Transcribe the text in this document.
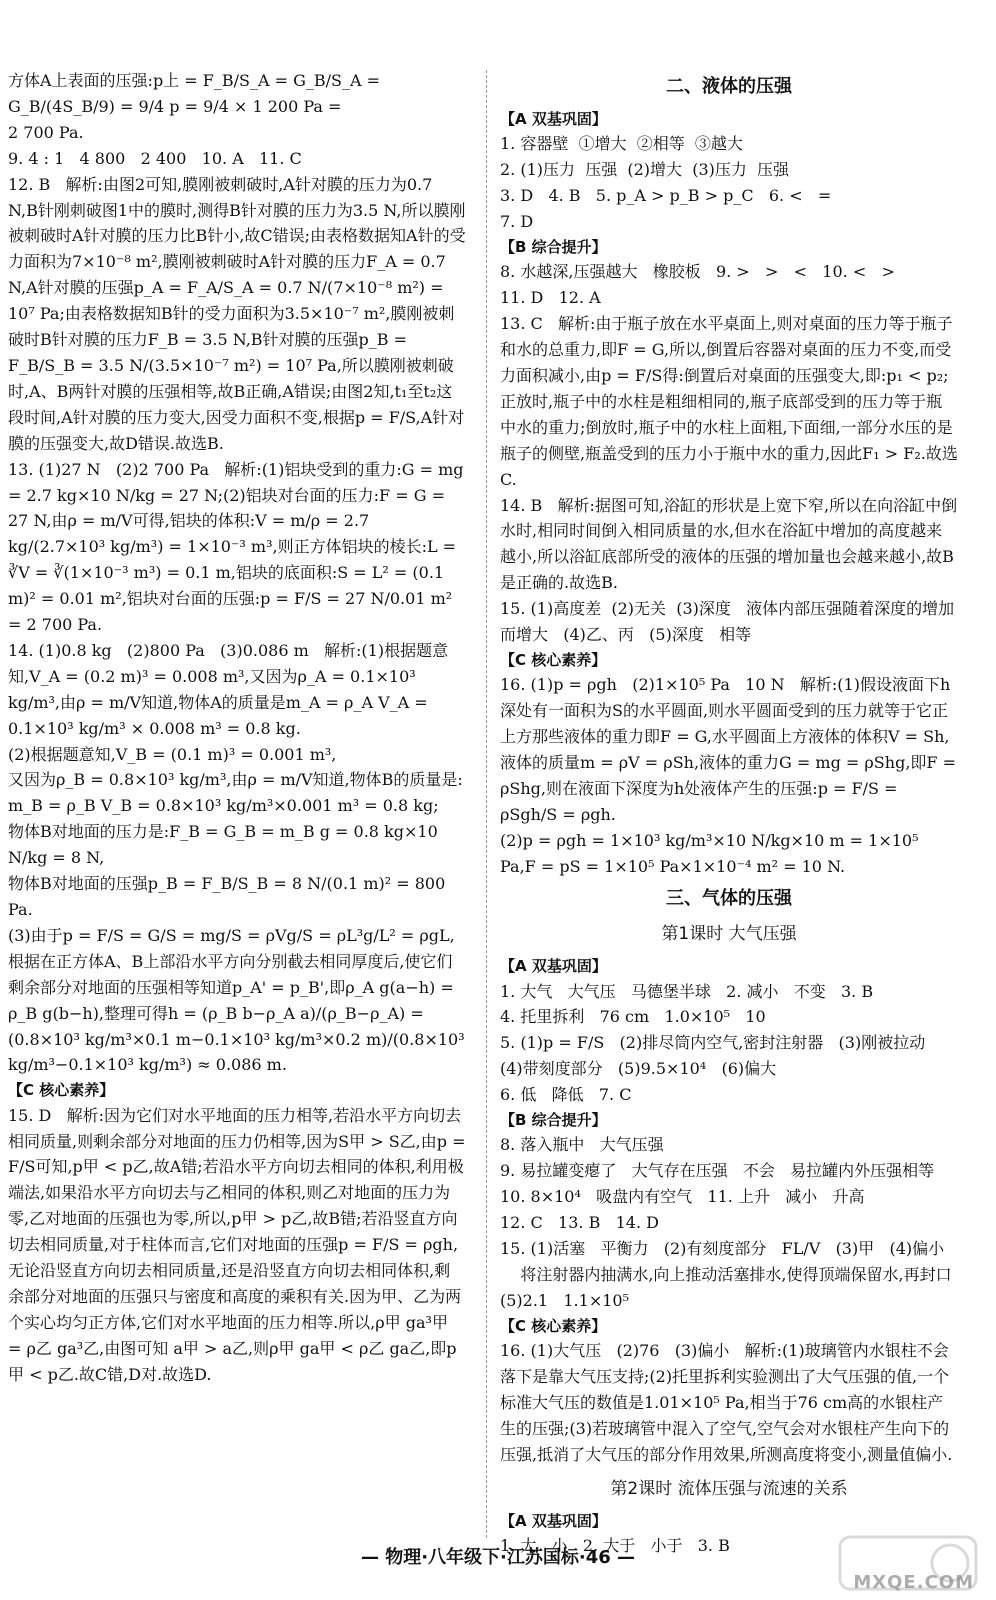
方体A上表面的压强:p上 = F_B/S_A = G_B/S_A = G_B/(4S_B/9) = 9/4 p = 9/4 × 1 200 Pa =

2 700 Pa.

9. 4 : 1   4 800   2 400   10. A   11. C

12. B   解析:由图2可知,膜刚被刺破时,A针对膜的压力为0.7 N,B针刚刺破图1中的膜时,测得B针对膜的压力为3.5 N,所以膜刚被刺破时A针对膜的压力比B针小,故C错误;由表格数据知A针的受力面积为7×10⁻⁸ m²,膜刚被刺破时A针对膜的压力F_A = 0.7 N,A针对膜的压强p_A = F_A/S_A = 0.7 N/(7×10⁻⁸ m²) = 10⁷ Pa;由表格数据知B针的受力面积为3.5×10⁻⁷ m²,膜刚被刺破时B针对膜的压力F_B = 3.5 N,B针对膜的压强p_B = F_B/S_B = 3.5 N/(3.5×10⁻⁷ m²) = 10⁷ Pa,所以膜刚被刺破时,A、B两针对膜的压强相等,故B正确,A错误;由图2知,t₁至t₂这段时间,A针对膜的压力变大,因受力面积不变,根据p = F/S,A针对膜的压强变大,故D错误.故选B.

13. (1)27 N   (2)2 700 Pa   解析:(1)铝块受到的重力:G = mg = 2.7 kg×10 N/kg = 27 N;(2)铝块对台面的压力:F = G = 27 N,由ρ = m/V可得,铝块的体积:V = m/ρ = 2.7 kg/(2.7×10³ kg/m³) = 1×10⁻³ m³,则正方体铝块的棱长:L = ∛V = ∛(1×10⁻³ m³) = 0.1 m,铝块的底面积:S = L² = (0.1 m)² = 0.01 m²,铝块对台面的压强:p = F/S = 27 N/0.01 m² = 2 700 Pa.

14. (1)0.8 kg   (2)800 Pa   (3)0.086 m   解析:(1)根据题意知,V_A = (0.2 m)³ = 0.008 m³,又因为ρ_A = 0.1×10³ kg/m³,由ρ = m/V知道,物体A的质量是m_A = ρ_A V_A = 0.1×10³ kg/m³ × 0.008 m³ = 0.8 kg.

(2)根据题意知,V_B = (0.1 m)³ = 0.001 m³,

又因为ρ_B = 0.8×10³ kg/m³,由ρ = m/V知道,物体B的质量是:

m_B = ρ_B V_B = 0.8×10³ kg/m³×0.001 m³ = 0.8 kg;

物体B对地面的压力是:F_B = G_B = m_B g = 0.8 kg×10 N/kg = 8 N,

物体B对地面的压强p_B = F_B/S_B = 8 N/(0.1 m)² = 800 Pa.

(3)由于p = F/S = G/S = mg/S = ρVg/S = ρL³g/L² = ρgL,根据在正方体A、B上部沿水平方向分别截去相同厚度后,使它们剩余部分对地面的压强相等知道p_A' = p_B',即ρ_A g(a−h) = ρ_B g(b−h),整理可得h = (ρ_B b−ρ_A a)/(ρ_B−ρ_A) = (0.8×10³ kg/m³×0.1 m−0.1×10³ kg/m³×0.2 m)/(0.8×10³ kg/m³−0.1×10³ kg/m³) ≈ 0.086 m.

【C 核心素养】

15. D   解析:因为它们对水平地面的压力相等,若沿水平方向切去相同质量,则剩余部分对地面的压力仍相等,因为S甲 > S乙,由p = F/S可知,p甲 < p乙,故A错;若沿水平方向切去相同的体积,利用极端法,如果沿水平方向切去与乙相同的体积,则乙对地面的压力为零,乙对地面的压强也为零,所以,p甲 > p乙,故B错;若沿竖直方向切去相同质量,对于柱体而言,它们对地面的压强p = F/S = ρgh,无论沿竖直方向切去相同质量,还是沿竖直方向切去相同体积,剩余部分对地面的压强只与密度和高度的乘积有关.因为甲、乙为两个实心均匀正方体,它们对水平地面的压力相等.所以,ρ甲 ga³甲 = ρ乙 ga³乙,由图可知 a甲 > a乙,则ρ甲 ga甲 < ρ乙 ga乙,即p甲 < p乙.故C错,D对.故选D.

二、液体的压强

【A 双基巩固】

1. 容器壁  ①增大  ②相等  ③越大

2. (1)压力  压强  (2)增大  (3)压力  压强

3. D   4. B   5. p_A > p_B > p_C   6. <   =

7. D

【B 综合提升】

8. 水越深,压强越大   橡胶板   9. >   >   <   10. <   >

11. D   12. A

13. C   解析:由于瓶子放在水平桌面上,则对桌面的压力等于瓶子和水的总重力,即F = G,所以,倒置后容器对桌面的压力不变,而受力面积减小,由p = F/S得:倒置后对桌面的压强变大,即:p₁ < p₂;正放时,瓶子中的水柱是粗细相同的,瓶子底部受到的压力等于瓶中水的重力;倒放时,瓶子中的水柱上面粗,下面细,一部分水压的是瓶子的侧壁,瓶盖受到的压力小于瓶中水的重力,因此F₁ > F₂.故选C.

14. B   解析:据图可知,浴缸的形状是上宽下窄,所以在向浴缸中倒水时,相同时间倒入相同质量的水,但水在浴缸中增加的高度越来越小,所以浴缸底部所受的液体的压强的增加量也会越来越小,故B是正确的.故选B.

15. (1)高度差  (2)无关  (3)深度   液体内部压强随着深度的增加而增大   (4)乙、丙   (5)深度   相等

【C 核心素养】

16. (1)p = ρgh   (2)1×10⁵ Pa   10 N   解析:(1)假设液面下h深处有一面积为S的水平圆面,则水平圆面受到的压力就等于它正上方那些液体的重力即F = G,水平圆面上方液体的体积V = Sh,液体的质量m = ρV = ρSh,液体的重力G = mg = ρShg,即F = ρShg,则在液面下深度为h处液体产生的压强:p = F/S = ρSgh/S = ρgh.

(2)p = ρgh = 1×10³ kg/m³×10 N/kg×10 m = 1×10⁵ Pa,F = pS = 1×10⁵ Pa×1×10⁻⁴ m² = 10 N.

三、气体的压强
第1课时 大气压强

【A 双基巩固】

1. 大气   大气压   马德堡半球   2. 减小   不变   3. B

4. 托里拆利   76 cm   1.0×10⁵   10

5. (1)p = F/S   (2)排尽筒内空气,密封注射器   (3)刚被拉动   (4)带刻度部分   (5)9.5×10⁴   (6)偏大

6. 低   降低   7. C

【B 综合提升】

8. 落入瓶中   大气压强

9. 易拉罐变瘪了   大气存在压强   不会   易拉罐内外压强相等

10. 8×10⁴   吸盘内有空气   11. 上升   减小   升高

12. C   13. B   14. D

15. (1)活塞   平衡力   (2)有刻度部分   FL/V   (3)甲   (4)偏小

将注射器内抽满水,向上推动活塞排水,使得顶端保留水,再封口   (5)2.1   1.1×10⁵

【C 核心素养】

16. (1)大气压   (2)76   (3)偏小   解析:(1)玻璃管内水银柱不会落下是靠大气压支持;(2)托里拆利实验测出了大气压强的值,一个标准大气压的数值是1.01×10⁵ Pa,相当于76 cm高的水银柱产生的压强;(3)若玻璃管中混入了空气,空气会对水银柱产生向下的压强,抵消了大气压的部分作用效果,所测高度将变小,测量值偏小.

第2课时 流体压强与流速的关系

【A 双基巩固】

1. 大   小   2. 大于   小于   3. B

— 物理·八年级下·江苏国标·46 —
MXQE.COM
